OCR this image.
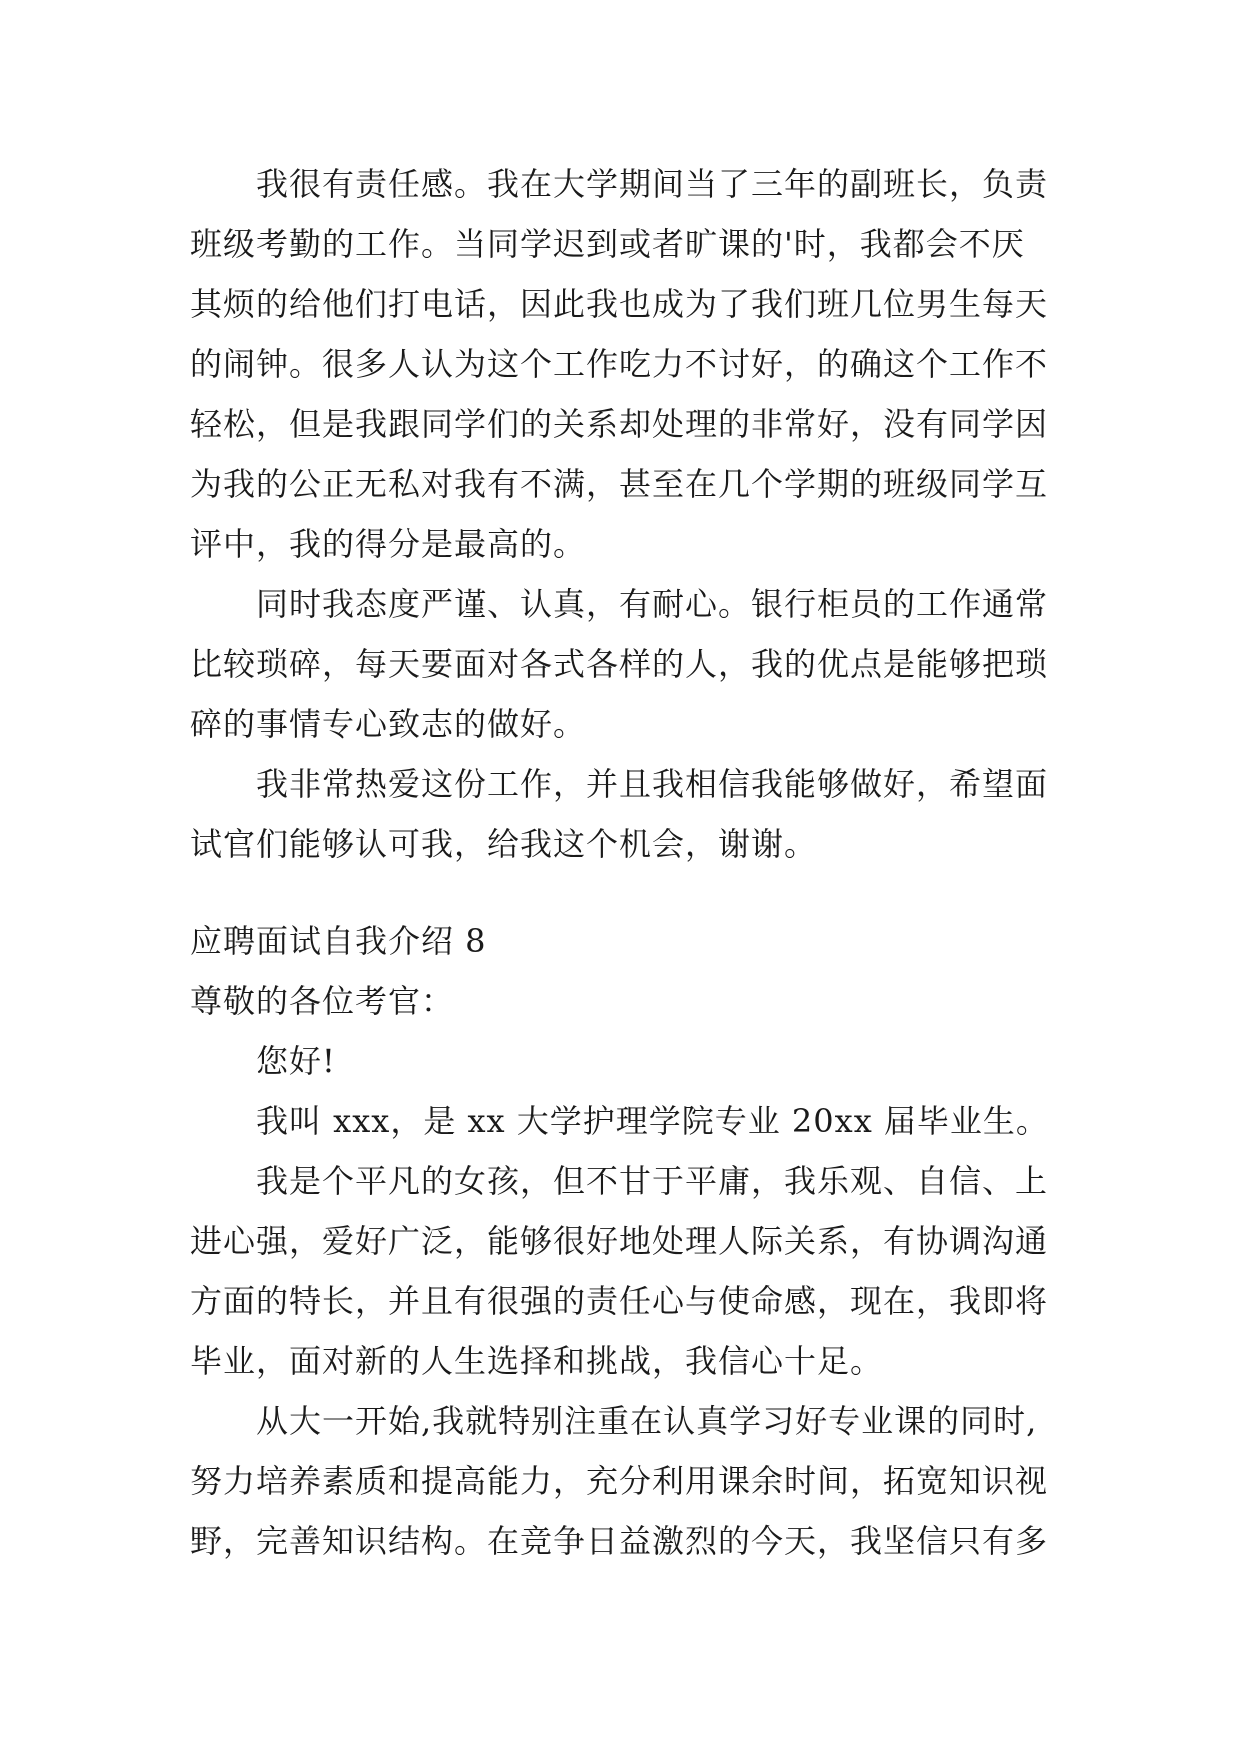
我很有责任感。我在大学期间当了三年的副班长，负责
班级考勤的工作。当同学迟到或者旷课的'时，我都会不厌
其烦的给他们打电话，因此我也成为了我们班几位男生每天
的闹钟。很多人认为这个工作吃力不讨好，的确这个工作不
轻松，但是我跟同学们的关系却处理的非常好，没有同学因
为我的公正无私对我有不满，甚至在几个学期的班级同学互
评中，我的得分是最高的。
同时我态度严谨、认真，有耐心。银行柜员的工作通常
比较琐碎，每天要面对各式各样的人，我的优点是能够把琐
碎的事情专心致志的做好。
我非常热爱这份工作，并且我相信我能够做好，希望面
试官们能够认可我，给我这个机会，谢谢。
应聘面试自我介绍 8
尊敬的各位考官：
您好!
我叫 xxx，是 xx 大学护理学院专业 20xx 届毕业生。
我是个平凡的女孩，但不甘于平庸，我乐观、自信、上
进心强，爱好广泛，能够很好地处理人际关系，有协调沟通
方面的特长，并且有很强的责任心与使命感，现在，我即将
毕业，面对新的人生选择和挑战，我信心十足。
从大一开始,我就特别注重在认真学习好专业课的同时,
努力培养素质和提高能力，充分利用课余时间，拓宽知识视
野，完善知识结构。在竞争日益激烈的今天，我坚信只有多
